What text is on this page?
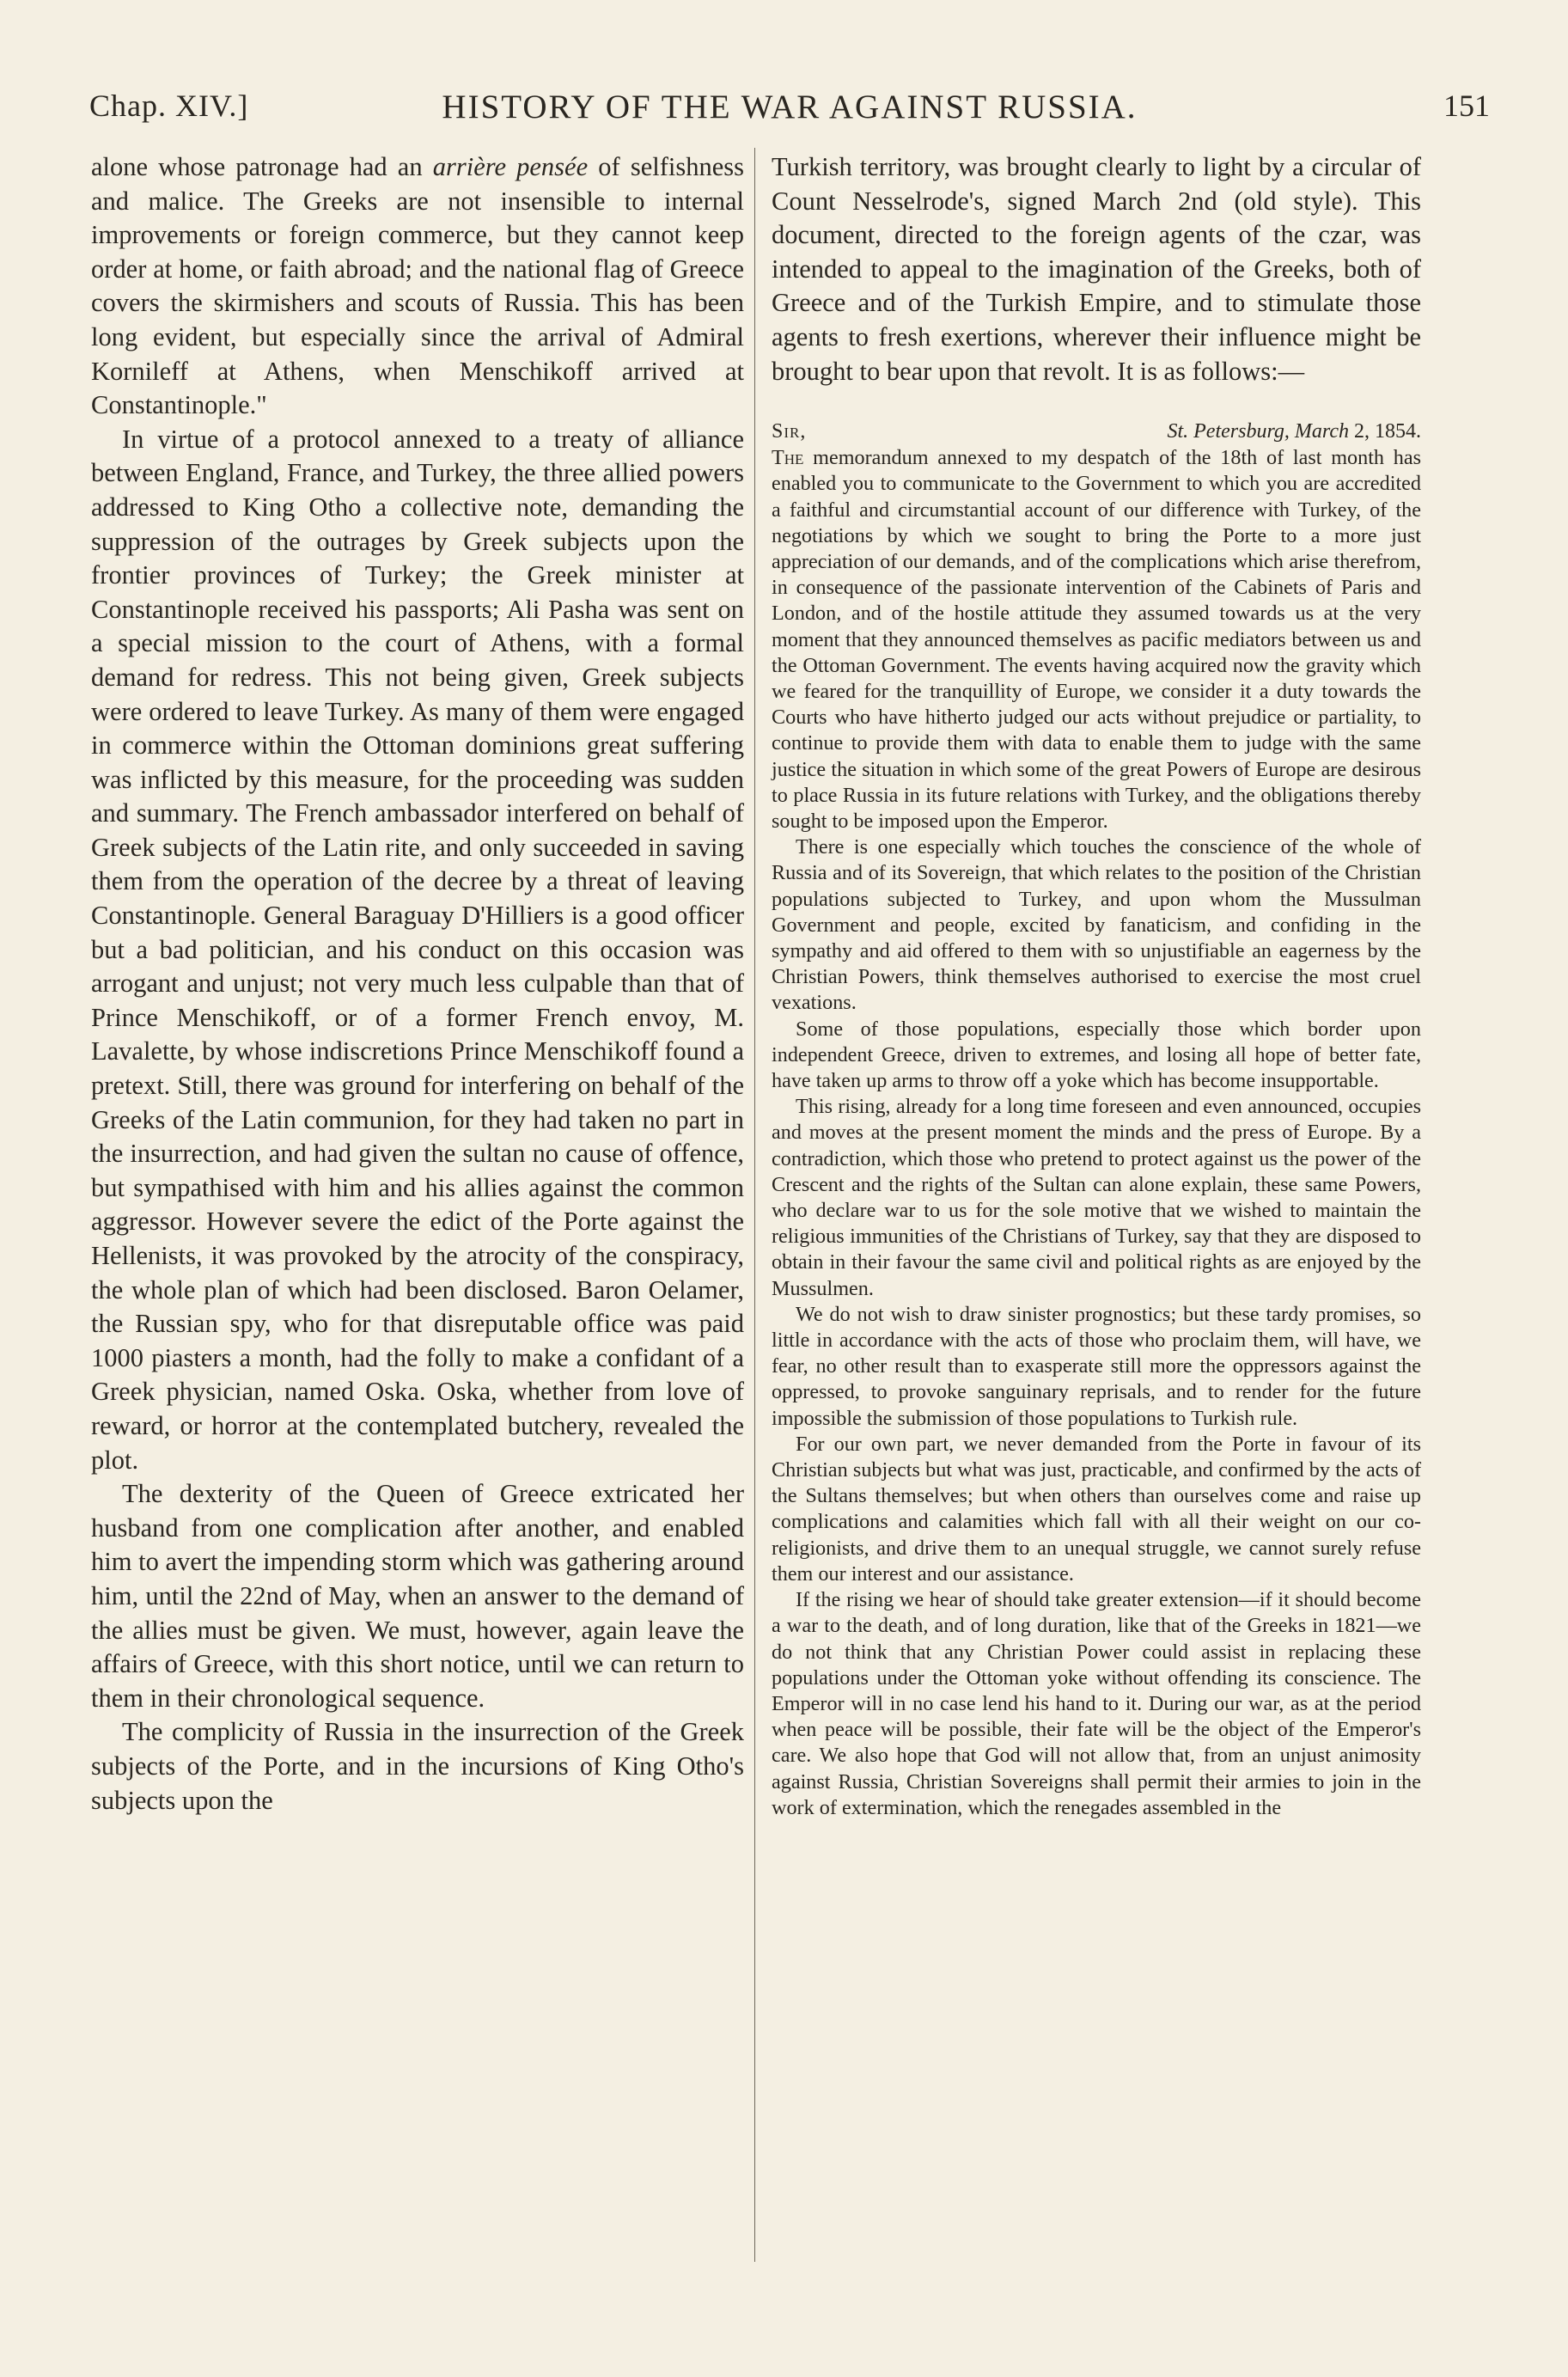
Chap. XIV.]	HISTORY OF THE WAR AGAINST RUSSIA.	151

alone whose patronage had an arrière pensée of selfishness and malice. The Greeks are not insensible to internal improvements or foreign commerce, but they cannot keep order at home, or faith abroad; and the national flag of Greece covers the skirmishers and scouts of Russia. This has been long evident, but especially since the arrival of Admiral Kornileff at Athens, when Menschikoff arrived at Constantinople."

In virtue of a protocol annexed to a treaty of alliance between England, France, and Turkey, the three allied powers addressed to King Otho a collective note, demanding the suppression of the outrages by Greek subjects upon the frontier provinces of Turkey; the Greek minister at Constantinople received his passports; Ali Pasha was sent on a special mission to the court of Athens, with a formal demand for redress. This not being given, Greek subjects were ordered to leave Turkey. As many of them were engaged in commerce within the Ottoman dominions great suffering was inflicted by this measure, for the proceeding was sudden and summary. The French ambassador interfered on behalf of Greek subjects of the Latin rite, and only succeeded in saving them from the operation of the decree by a threat of leaving Constantinople. General Baraguay D'Hilliers is a good officer but a bad politician, and his conduct on this occasion was arrogant and unjust; not very much less culpable than that of Prince Menschikoff, or of a former French envoy, M. Lavalette, by whose indiscretions Prince Menschikoff found a pretext. Still, there was ground for interfering on behalf of the Greeks of the Latin communion, for they had taken no part in the insurrection, and had given the sultan no cause of offence, but sympathised with him and his allies against the common aggressor. However severe the edict of the Porte against the Hellenists, it was provoked by the atrocity of the conspiracy, the whole plan of which had been disclosed. Baron Oelamer, the Russian spy, who for that disreputable office was paid 1000 piasters a month, had the folly to make a confidant of a Greek physician, named Oska. Oska, whether from love of reward, or horror at the contemplated butchery, revealed the plot.

The dexterity of the Queen of Greece extricated her husband from one complication after another, and enabled him to avert the impending storm which was gathering around him, until the 22nd of May, when an answer to the demand of the allies must be given. We must, however, again leave the affairs of Greece, with this short notice, until we can return to them in their chronological sequence.

The complicity of Russia in the insurrection of the Greek subjects of the Porte, and in the incursions of King Otho's subjects upon the

Turkish territory, was brought clearly to light by a circular of Count Nesselrode's, signed March 2nd (old style). This document, directed to the foreign agents of the czar, was intended to appeal to the imagination of the Greeks, both of Greece and of the Turkish Empire, and to stimulate those agents to fresh exertions, wherever their influence might be brought to bear upon that revolt. It is as follows:—

Sir,	St. Petersburg, March 2, 1854.

The memorandum annexed to my despatch of the 18th of last month has enabled you to communicate to the Government to which you are accredited a faithful and circumstantial account of our difference with Turkey, of the negotiations by which we sought to bring the Porte to a more just appreciation of our demands, and of the complications which arise therefrom, in consequence of the passionate intervention of the Cabinets of Paris and London, and of the hostile attitude they assumed towards us at the very moment that they announced themselves as pacific mediators between us and the Ottoman Government. The events having acquired now the gravity which we feared for the tranquillity of Europe, we consider it a duty towards the Courts who have hitherto judged our acts without prejudice or partiality, to continue to provide them with data to enable them to judge with the same justice the situation in which some of the great Powers of Europe are desirous to place Russia in its future relations with Turkey, and the obligations thereby sought to be imposed upon the Emperor.

There is one especially which touches the conscience of the whole of Russia and of its Sovereign, that which relates to the position of the Christian populations subjected to Turkey, and upon whom the Mussulman Government and people, excited by fanaticism, and confiding in the sympathy and aid offered to them with so unjustifiable an eagerness by the Christian Powers, think themselves authorised to exercise the most cruel vexations.

Some of those populations, especially those which border upon independent Greece, driven to extremes, and losing all hope of better fate, have taken up arms to throw off a yoke which has become insupportable.

This rising, already for a long time foreseen and even announced, occupies and moves at the present moment the minds and the press of Europe. By a contradiction, which those who pretend to protect against us the power of the Crescent and the rights of the Sultan can alone explain, these same Powers, who declare war to us for the sole motive that we wished to maintain the religious immunities of the Christians of Turkey, say that they are disposed to obtain in their favour the same civil and political rights as are enjoyed by the Mussulmen.

We do not wish to draw sinister prognostics; but these tardy promises, so little in accordance with the acts of those who proclaim them, will have, we fear, no other result than to exasperate still more the oppressors against the oppressed, to provoke sanguinary reprisals, and to render for the future impossible the submission of those populations to Turkish rule.

For our own part, we never demanded from the Porte in favour of its Christian subjects but what was just, practicable, and confirmed by the acts of the Sultans themselves; but when others than ourselves come and raise up complications and calamities which fall with all their weight on our co-religionists, and drive them to an unequal struggle, we cannot surely refuse them our interest and our assistance.

If the rising we hear of should take greater extension—if it should become a war to the death, and of long duration, like that of the Greeks in 1821—we do not think that any Christian Power could assist in replacing these populations under the Ottoman yoke without offending its conscience. The Emperor will in no case lend his hand to it. During our war, as at the period when peace will be possible, their fate will be the object of the Emperor's care. We also hope that God will not allow that, from an unjust animosity against Russia, Christian Sovereigns shall permit their armies to join in the work of extermination, which the renegades assembled in the
